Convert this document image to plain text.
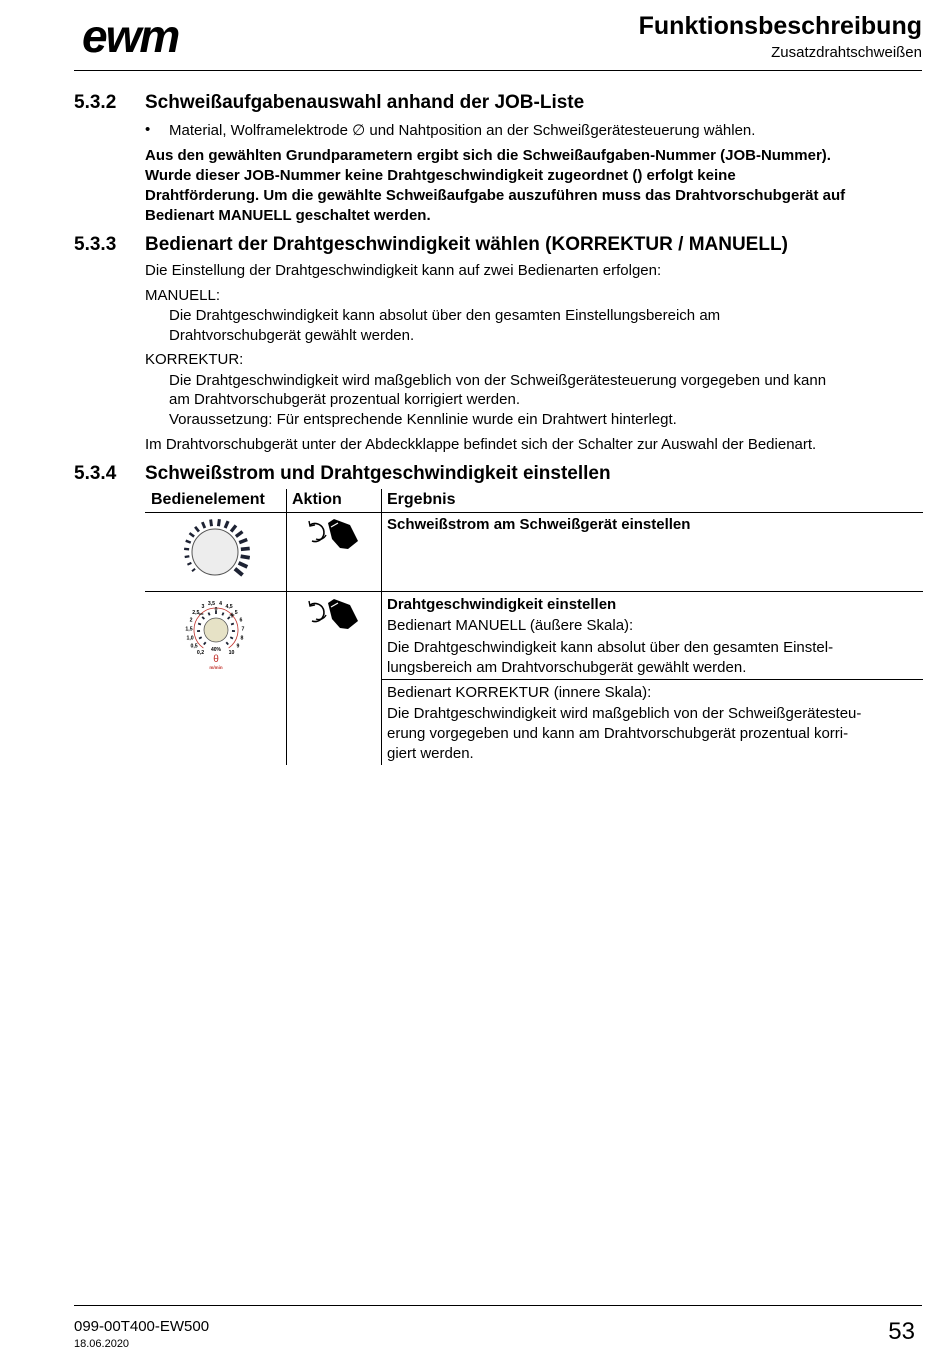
ewm	Funktionsbeschreibung
Zusatzdrahtschweißen
5.3.2 Schweißaufgabenauswahl anhand der JOB-Liste
• Material, Wolframelektrode ∅ und Nahtposition an der Schweißgerätesteuerung wählen.
Aus den gewählten Grundparametern ergibt sich die Schweißaufgaben-Nummer (JOB-Nummer).
Wurde dieser JOB-Nummer keine Drahtgeschwindigkeit zugeordnet () erfolgt keine
Drahtförderung. Um die gewählte Schweißaufgabe auszuführen muss das Drahtvorschubgerät auf
Bedienart MANUELL geschaltet werden.
5.3.3 Bedienart der Drahtgeschwindigkeit wählen (KORREKTUR / MANUELL)
Die Einstellung der Drahtgeschwindigkeit kann auf zwei Bedienarten erfolgen:
MANUELL:
Die Drahtgeschwindigkeit kann absolut über den gesamten Einstellungsbereich am
Drahtvorschubgerät gewählt werden.
KORREKTUR:
Die Drahtgeschwindigkeit wird maßgeblich von der Schweißgerätesteuerung vorgegeben und kann
am Drahtvorschubgerät prozentual korrigiert werden.
Voraussetzung: Für entsprechende Kennlinie wurde ein Drahtwert hinterlegt.
Im Drahtvorschubgerät unter der Abdeckklappe befindet sich der Schalter zur Auswahl der Bedienart.
5.3.4 Schweißstrom und Drahtgeschwindigkeit einstellen
Bedienelement Aktion	Ergebnis
Schweißstrom am Schweißgerät einstellen
0,2
0,5
1,0
1,5
2
2,5
3
3,5 4
4,5
5
6
7
8
9
10
− 0 +
40%
θ
m/min
Drahtgeschwindigkeit einstellen
Bedienart MANUELL (äußere Skala):
Die Drahtgeschwindigkeit kann absolut über den gesamten Einstel-
lungsbereich am Drahtvorschubgerät gewählt werden.
Bedienart KORREKTUR (innere Skala):
Die Drahtgeschwindigkeit wird maßgeblich von der Schweißgerätesteu-
erung vorgegeben und kann am Drahtvorschubgerät prozentual korri-
giert werden.
099-00T400-EW500
18.06.2020	53
